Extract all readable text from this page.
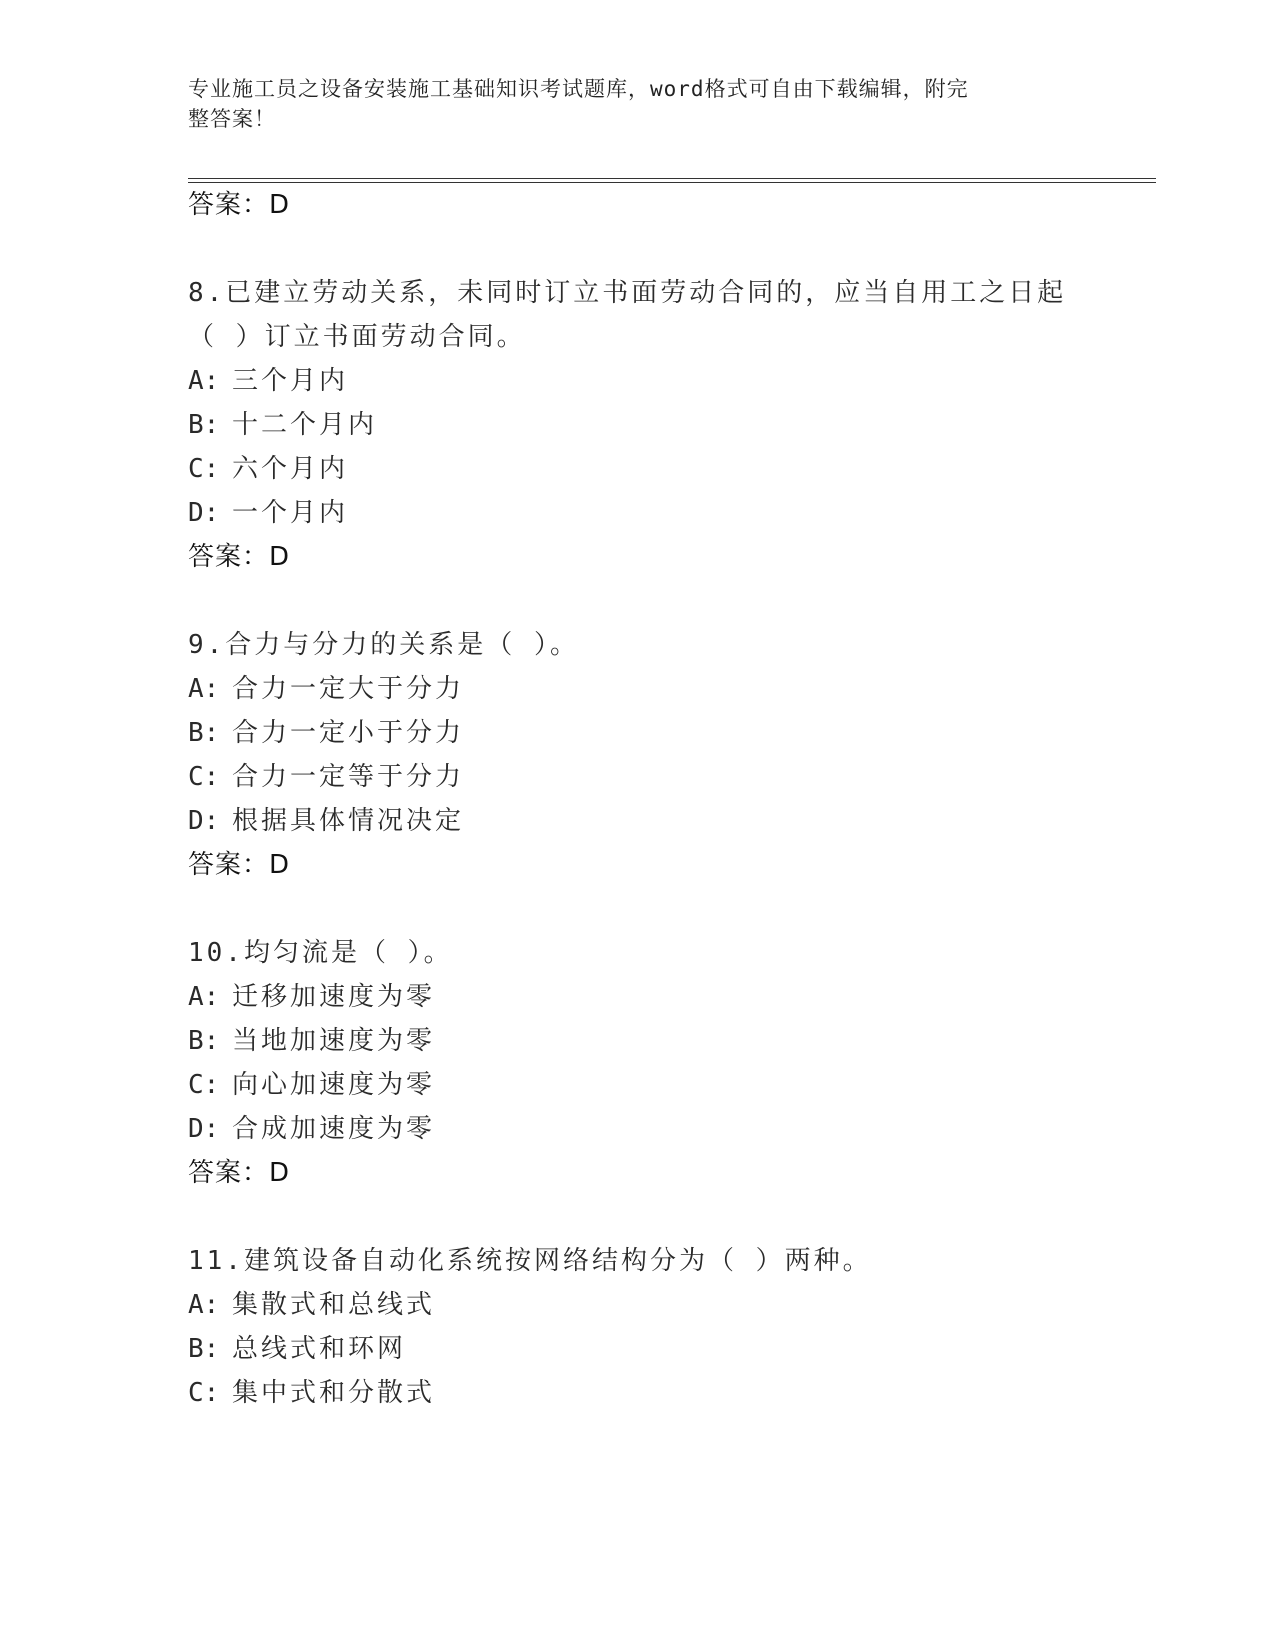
专业施工员之设备安装施工基础知识考试题库，word格式可自由下载编辑，附完
整答案！
答案：D
8.已建立劳动关系，未同时订立书面劳动合同的，应当自用工之日起
（ ）订立书面劳动合同。
A: 三个月内
B: 十二个月内
C: 六个月内
D: 一个月内
答案：D
9.合力与分力的关系是（ ）。
A: 合力一定大于分力
B: 合力一定小于分力
C: 合力一定等于分力
D: 根据具体情况决定
答案：D
10.均匀流是（ ）。
A: 迁移加速度为零
B: 当地加速度为零
C: 向心加速度为零
D: 合成加速度为零
答案：D
11.建筑设备自动化系统按网络结构分为（ ）两种。
A: 集散式和总线式
B: 总线式和环网
C: 集中式和分散式
